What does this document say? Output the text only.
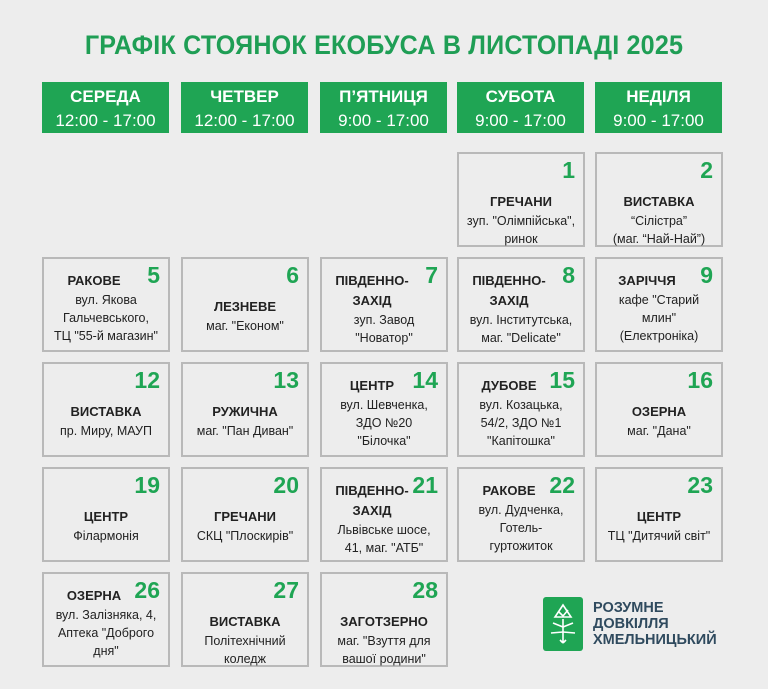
ГРАФІК СТОЯНОК ЕКОБУСА В ЛИСТОПАДІ 2025
СЕРЕДА
12:00 - 17:00
ЧЕТВЕР
12:00 - 17:00
П’ЯТНИЦЯ
9:00 - 17:00
СУБОТА
9:00 - 17:00
НЕДІЛЯ
9:00 - 17:00
1
ГРЕЧАНИ
зуп. "Олімпійська",
ринок
2
ВИСТАВКА
“Сілістра”
(маг. “Най-Най”)
5
РАКОВЕ
вул. Якова
Гальчевського,
ТЦ "55-й магазин"
6
ЛЕЗНЕВЕ
маг. "Економ"
7
ПІВДЕННО-ЗАХІД
зуп. Завод
"Новатор"
8
ПІВДЕННО-ЗАХІД
вул. Інститутська,
маг. "Delicate"
9
ЗАРІЧЧЯ
кафе "Старий
млин"
(Електроніка)
12
ВИСТАВКА
пр. Миру, МАУП
13
РУЖИЧНА
маг. "Пан Диван"
14
ЦЕНТР
вул. Шевченка,
ЗДО №20
"Білочка"
15
ДУБОВЕ
вул. Козацька,
54/2, ЗДО №1
"Капітошка"
16
ОЗЕРНА
маг. "Дана"
19
ЦЕНТР
Філармонія
20
ГРЕЧАНИ
СКЦ "Плоскирів"
21
ПІВДЕННО-ЗАХІД
Львівське шосе,
41, маг. "АТБ"
22
РАКОВЕ
вул. Дудченка,
Готель-
гуртожиток
23
ЦЕНТР
ТЦ "Дитячий світ"
26
ОЗЕРНА
вул. Залізняка, 4,
Аптека "Доброго
дня"
27
ВИСТАВКА
Політехнічний
коледж
28
ЗАГОТЗЕРНО
маг. "Взуття для
вашої родини"
РОЗУМНЕ
ДОВКІЛЛЯ
ХМЕЛЬНИЦЬКИЙ
